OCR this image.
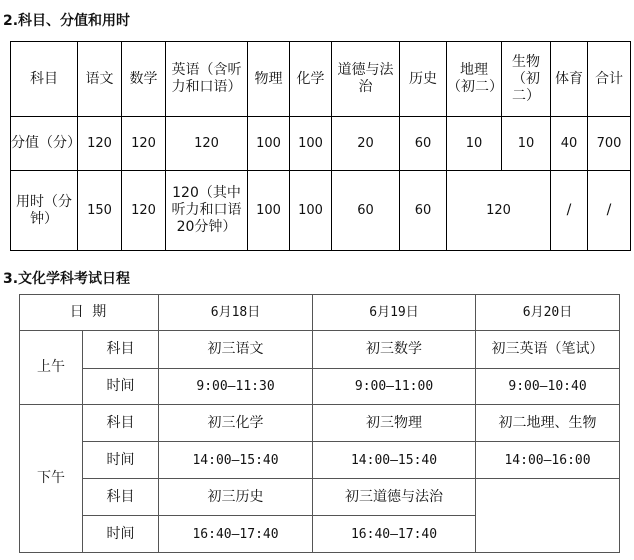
2.科目、分值和用时
科目	语文	数学	英语（含听力和口语）	物理	化学	道德与法治	历史	地理（初二）	生物（初二）	体育	合计
分值（分）	120	120	120	100	100	20	60	10	10	40	700
用时（分钟）	150	120	120（其中听力和口语20分钟）	100	100	60	60	120		/	/
3.文化学科考试日程
日 期		6月18日	6月19日	6月20日
上午	科目	初三语文	初三数学	初三英语（笔试）
	时间	9:00—11:30	9:00—11:00	9:00—10:40
下午	科目	初三化学	初三物理	初二地理、生物
	时间	14:00—15:40	14:00—15:40	14:00—16:00
	科目	初三历史	初三道德与法治	
	时间	16:40—17:40	16:40—17:40	
